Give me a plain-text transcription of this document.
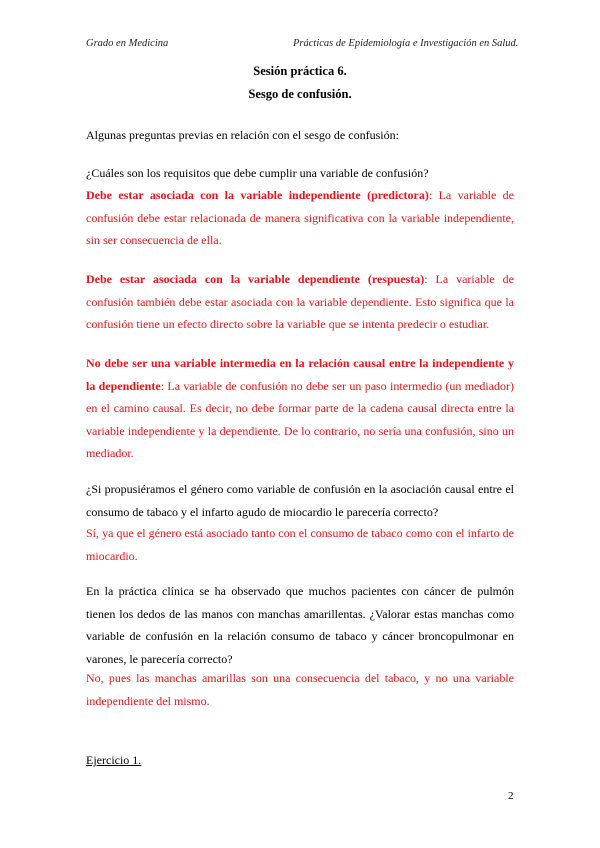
Grado en Medicina	Prácticas de Epidemiología e Investigación en Salud.
Sesión práctica 6.
Sesgo de confusión.
Algunas preguntas previas en relación con el sesgo de confusión:
¿Cuáles son los requisitos que debe cumplir una variable de confusión?
Debe estar asociada con la variable independiente (predictora): La variable de confusión debe estar relacionada de manera significativa con la variable independiente, sin ser consecuencia de ella.
Debe estar asociada con la variable dependiente (respuesta): La variable de confusión también debe estar asociada con la variable dependiente. Esto significa que la confusión tiene un efecto directo sobre la variable que se intenta predecir o estudiar.
No debe ser una variable intermedia en la relación causal entre la independiente y la dependiente: La variable de confusión no debe ser un paso intermedio (un mediador) en el camino causal. Es decir, no debe formar parte de la cadena causal directa entre la variable independiente y la dependiente. De lo contrario, no sería una confusión, sino un mediador.
¿Si propusiéramos el género como variable de confusión en la asociación causal entre el consumo de tabaco y el infarto agudo de miocardio le parecería correcto?
Sí, ya que el género está asociado tanto con el consumo de tabaco como con el infarto de miocardio.
En la práctica clínica se ha observado que muchos pacientes con cáncer de pulmón tienen los dedos de las manos con manchas amarillentas. ¿Valorar estas manchas como variable de confusión en la relación consumo de tabaco y cáncer broncopulmonar en varones, le parecería correcto?
No, pues las manchas amarillas son una consecuencia del tabaco, y no una variable independiente del mismo.
Ejercicio 1.
2
